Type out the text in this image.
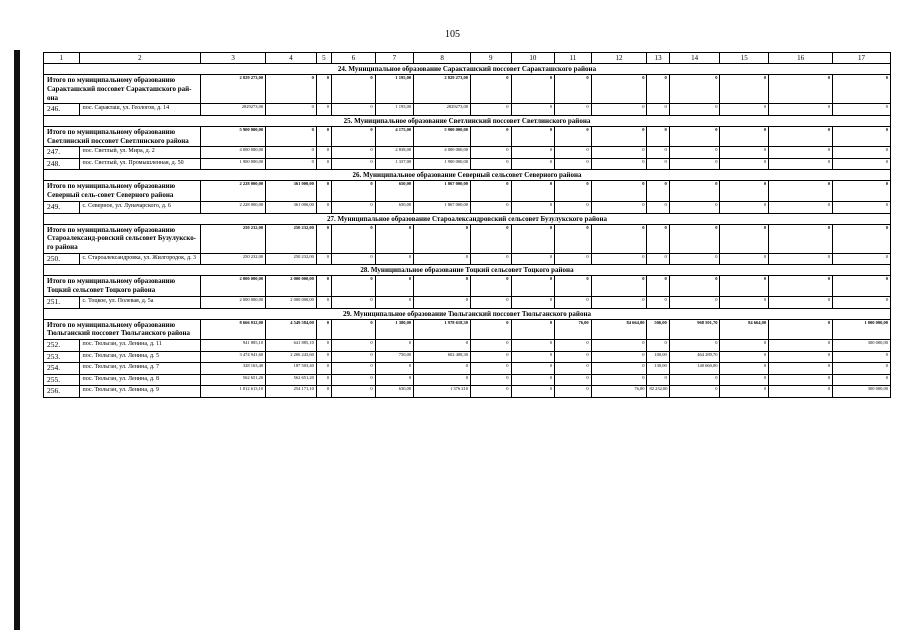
105
1	2	3	4	5	6	7	8	9	10	11	12	13	14	15	16	17
24. Муниципальное образование Саракташский поссовет Саракташского района																
Итого по муниципальному образованию Саракташский поссовет Саракташского рай-она		2 829 273,00	0	0	0	1 195,00	2 829 273,00	0	0	0	0	0	0	0	0	0
246.	пос. Саракташ, ул. Геологов, д. 14	2829273,00	0	0	0	1 195,00	2829273,00	0	0	0	0	0	0	0	0	0
25. Муниципальное образование Светлинский поссовет Светлинского района																
Итого по муниципальному образованию Светлинский поссовет Светлинского района		5 900 000,00	0	0	0	4 175,00	5 900 000,00	0	0	0	0	0	0	0	0	0
247.	пос. Светлый, ул. Мира, д. 2	4 000 000,00	0	0	0	2 838,00	4 000 000,00	0	0	0	0	0	0	0	0	0
248.	пос. Светлый, ул. Промышленная, д. 50	1 900 000,00	0	0	0	1 337,00	1 900 000,00	0	0	0	0	0	0	0	0	0
26. Муниципальное образование Северный сельсовет Северного района																
Итого по муниципальному образованию Северный сель-совет Северного района		2 228 000,00	361 000,00	0	0	650,00	1 867 000,00	0	0	0	0	0	0	0	0	0
249.	с. Северное, ул. Луначарского, д. 6	2 228 000,00	361 000,00	0	0	650,00	1 867 000,00	0	0	0	0	0	0	0	0	0
27. Муниципальное образование Староалександровский сельсовет Бузулукского района																
Итого по муниципальному образованию Староалександ-ровский сельсовет Бузулукско-го района		250 232,00	250 232,00	0	0	0	0	0	0	0	0	0	0	0	0	0
250.	с. Староалександровка, ул. Жилгородок, д. 3	250 232,00	250 232,00	0	0	0	0	0	0	0	0	0	0	0	0	0
28. Муниципальное образование Тоцкий сельсовет Тоцкого района																
Итого по муниципальному образованию Тоцкий сельсовет Тоцкого района		2 000 000,00	2 000 000,00	0	0	0	0	0	0	0	0	0	0	0	0	0
251.	с. Тоцкое, ул. Полевая, д. 5а	2 000 000,00	2 000 000,00	0	0	0	0	0	0	0	0	0	0	0	0	0
29. Муниципальное образование Тюльганский поссовет Тюльганского района																
Итого по муниципальному образованию Тюльганский поссовет Тюльганского района		8 666 032,00	4 549 584,00	0	0	1 380,00	1 978 618,30	0	0	76,00	84 664,00	506,00	968 501,70	84 664,00	0	1 000 000,00
252.	пос. Тюльган, ул. Ленина, д. 11	941 885,10	641 885,10	0	0	0	0	0	0	0	0	0	0	0	0	300 000,00
253.	пос. Тюльган, ул. Ленина, д. 5	3 474 941,60	2 206 243,60	0	0	750,00	602 408,30	0	0	0	0	100,00	464 289,70	0	0	0
254.	пос. Тюльган, ул. Ленина, д. 7	328 163,40	187 503,40	0	0	0	0	0	0	0	0	130,00	140 660,00	0	0	0
255.	пос. Тюльган, ул. Ленина, д. 8	562 651,20	562 651,20	0	0	0	0	0	0	0	0	0	0	0	0	0
256.	пос. Тюльган, ул. Ленина, д. 9	1 812 613,10	254 171,10	0	0	630,00	1 376 210	0	0	0	76,00	82 232,00	0	0	0	300 000,00
